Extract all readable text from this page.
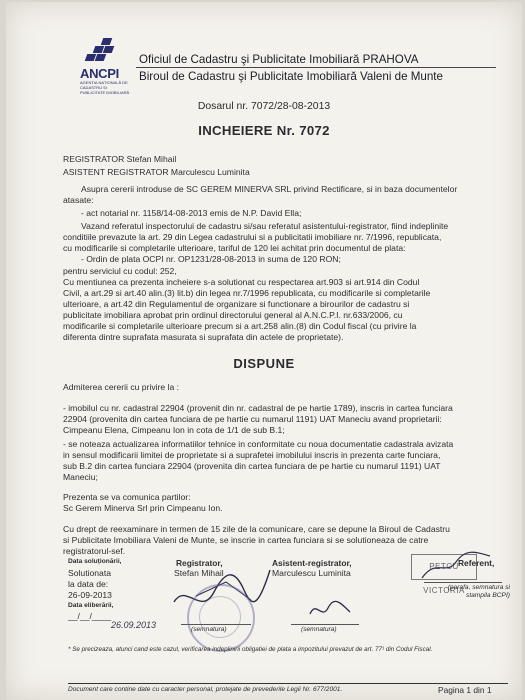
ANCPI
AGENȚIA NAȚIONALĂ DE CADASTRU ȘI PUBLICITATE IMOBILIARĂ
Oficiul de Cadastru şi Publicitate Imobiliară PRAHOVA
Biroul de Cadastru şi Publicitate Imobiliară Valeni de Munte
Dosarul nr. 7072/28-08-2013
INCHEIERE Nr. 7072
REGISTRATOR Stefan Mihail
ASISTENT REGISTRATOR Marculescu Luminita
Asupra cererii introduse de SC GEREM MINERVA SRL privind Rectificare, si in baza documentelor
atasate:
- act notarial nr. 1158/14-08-2013 emis de N.P. David Ella;
Vazand referatul inspectorului de cadastru si/sau referatul asistentului-registrator, fiind indeplinite
conditiile prevazute la art. 29 din Legea cadastrului si a publicitatii imobiliare nr. 7/1996, republicata,
cu modificarile si completarile ulterioare, tariful de 120 lei achitat prin documentul de plata:
- Ordin de plata OCPI nr. OP1231/28-08-2013 in suma de 120 RON;
pentru serviciul cu codul: 252,
Cu mentiunea ca prezenta incheiere s-a solutionat cu respectarea art.903 si art.914 din Codul
Civil, a art.29 si art.40 alin.(3) lit.b) din legea nr.7/1996 republicata, cu modificarile si completarile
ulterioare, a art.42 din Regulamentul de organizare si functionare a birourilor de cadastru si
publicitate imobiliara aprobat prin ordinul directorului general al A.N.C.P.I. nr.633/2006, cu
modificarile si completarile ulterioare precum si a art.258 alin.(8) din Codul fiscal (cu privire la
diferenta dintre suprafata masurata si suprafata din actele de proprietate).
DISPUNE
Admiterea cererii cu privire la :
- imobilul cu nr. cadastral 22904 (provenit din nr. cadastral de pe hartie 1789), inscris in cartea funciara
22904 (provenita din cartea funciara de pe hartie cu numarul 1191) UAT Maneciu avand proprietarii:
Cimpeanu Elena, Cimpeanu Ion in cota de 1/1 de sub B.1;
- se noteaza actualizarea informatiilor tehnice in conformitate cu noua documentatie cadastrala avizata
in sensul modificarii limitei de proprietate si a suprafetei imobilului inscris in prezenta carte funciara,
sub B.2 din cartea funciara 22904 (provenita din cartea funciara de pe hartie cu numarul 1191) UAT
Maneciu;
Prezenta se va comunica partilor:
Sc Gerem Minerva Srl prin Cimpeanu Ion.
Cu drept de reexaminare in termen de 15 zile de la comunicare, care se depune la Biroul de Cadastru
si Publicitate Imobiliara Valeni de Munte, se inscrie in cartea funciara si se solutioneaza de catre
registratorul-sef.
Data soluționării,
Solutionata
la data de:
26-09-2013
Data eliberării,
__/__/____
26.09.2013
Registrator,
Stefan Mihail
(semnatura)
Asistent-registrator,
Marculescu Luminita
(semnatura)
Referent,
PETCU VICTORIA
(parafa, semnatura si stampila BCPI)
* Se precizeaza, atunci cand este cazul, verificarea indeplinirii obligatiei de plata a impozitului prevazut de art. 77¹ din Codul Fiscal.
Document care contine date cu caracter personal, protejate de prevederile Legii Nr. 677/2001.	Pagina 1 din 1
